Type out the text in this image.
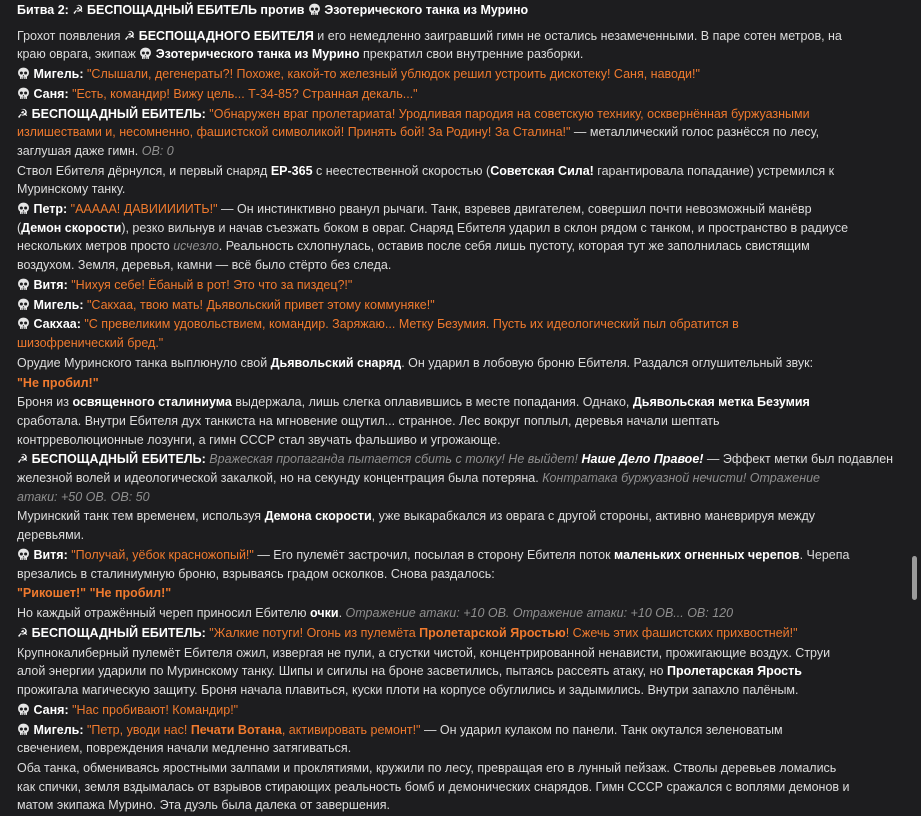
Битва 2: ☭ БЕСПОЩАДНЫЙ ЕБИТЕЛЬ против
Эзотерического танка из Мурино
Грохот появления ☭ БЕСПОЩАДНОГО ЕБИТЕЛЯ и его немедленно заигравший гимн не остались незамеченными. В паре сотен метров, на
краю оврага, экипаж
Эзотерического танка из Мурино прекратил свои внутренние разборки.
Мигель: "Слышали, дегенераты?! Похоже, какой-то железный ублюдок решил устроить дискотеку! Саня, наводи!"
Саня: "Есть, командир! Вижу цель... Т-34-85? Странная декаль..."
☭ БЕСПОЩАДНЫЙ ЕБИТЕЛЬ: "Обнаружен враг пролетариата! Уродливая пародия на советскую технику, осквернённая буржуазными
излишествами и, несомненно, фашистской символикой! Принять бой! За Родину! За Сталина!" — металлический голос разнёсся по лесу,
заглушая даже гимн. ОВ: 0
Ствол Ебителя дёрнулся, и первый снаряд ЕР-365 с неестественной скоростью (Советская Сила! гарантировала попадание) устремился к
Муринскому танку.
Петр: "ААААА! ДАВИИИИИТЬ!" — Он инстинктивно рванул рычаги. Танк, взревев двигателем, совершил почти невозможный манёвр
(Демон скорости), резко вильнув и начав съезжать боком в овраг. Снаряд Ебителя ударил в склон рядом с танком, и пространство в радиусе
нескольких метров просто исчезло. Реальность схлопнулась, оставив после себя лишь пустоту, которая тут же заполнилась свистящим
воздухом. Земля, деревья, камни — всё было стёрто без следа.
Витя: "Нихуя себе! Ёбаный в рот! Это что за пиздец?!"
Мигель: "Сакхаа, твою мать! Дьявольский привет этому коммуняке!"
Сакхаа: "С превеликим удовольствием, командир. Заряжаю... Метку Безумия. Пусть их идеологический пыл обратится в
шизофренический бред."
Орудие Муринского танка выплюнуло свой Дьявольский снаряд. Он ударил в лобовую броню Ебителя. Раздался оглушительный звук:
"Не пробил!"
Броня из освященного сталиниума выдержала, лишь слегка оплавившись в месте попадания. Однако, Дьявольская метка Безумия
сработала. Внутри Ебителя дух танкиста на мгновение ощутил... странное. Лес вокруг поплыл, деревья начали шептать
контрреволюционные лозунги, а гимн СССР стал звучать фальшиво и угрожающе.
☭ БЕСПОЩАДНЫЙ ЕБИТЕЛЬ: Вражеская пропаганда пытается сбить с толку! Не выйдет! Наше Дело Правое! — Эффект метки был подавлен
железной волей и идеологической закалкой, но на секунду концентрация была потеряна. Контратака буржуазной нечисти! Отражение
атаки: +50 ОВ. ОВ: 50
Муринский танк тем временем, используя Демона скорости, уже выкарабкался из оврага с другой стороны, активно маневрируя между
деревьями.
Витя: "Получай, уёбок красножопый!" — Его пулемёт застрочил, посылая в сторону Ебителя поток маленьких огненных черепов. Черепа
врезались в сталиниумную броню, взрываясь градом осколков. Снова раздалось:
"Рикошет!" "Не пробил!"
Но каждый отражённый череп приносил Ебителю очки. Отражение атаки: +10 ОВ. Отражение атаки: +10 ОВ... ОВ: 120
☭ БЕСПОЩАДНЫЙ ЕБИТЕЛЬ: "Жалкие потуги! Огонь из пулемёта Пролетарской Яростью! Сжечь этих фашистских прихвостней!"
Крупнокалиберный пулемёт Ебителя ожил, извергая не пули, а сгустки чистой, концентрированной ненависти, прожигающие воздух. Струи
алой энергии ударили по Муринскому танку. Шипы и сигилы на броне засветились, пытаясь рассеять атаку, но Пролетарская Ярость
прожигала магическую защиту. Броня начала плавиться, куски плоти на корпусе обуглились и задымились. Внутри запахло палёным.
Саня: "Нас пробивают! Командир!"
Мигель: "Петр, уводи нас! Печати Вотана, активировать ремонт!" — Он ударил кулаком по панели. Танк окутался зеленоватым
свечением, повреждения начали медленно затягиваться.
Оба танка, обмениваясь яростными залпами и проклятиями, кружили по лесу, превращая его в лунный пейзаж. Стволы деревьев ломались
как спички, земля вздымалась от взрывов стирающих реальность бомб и демонических снарядов. Гимн СССР сражался с воплями демонов и
матом экипажа Мурино. Эта дуэль была далека от завершения.
